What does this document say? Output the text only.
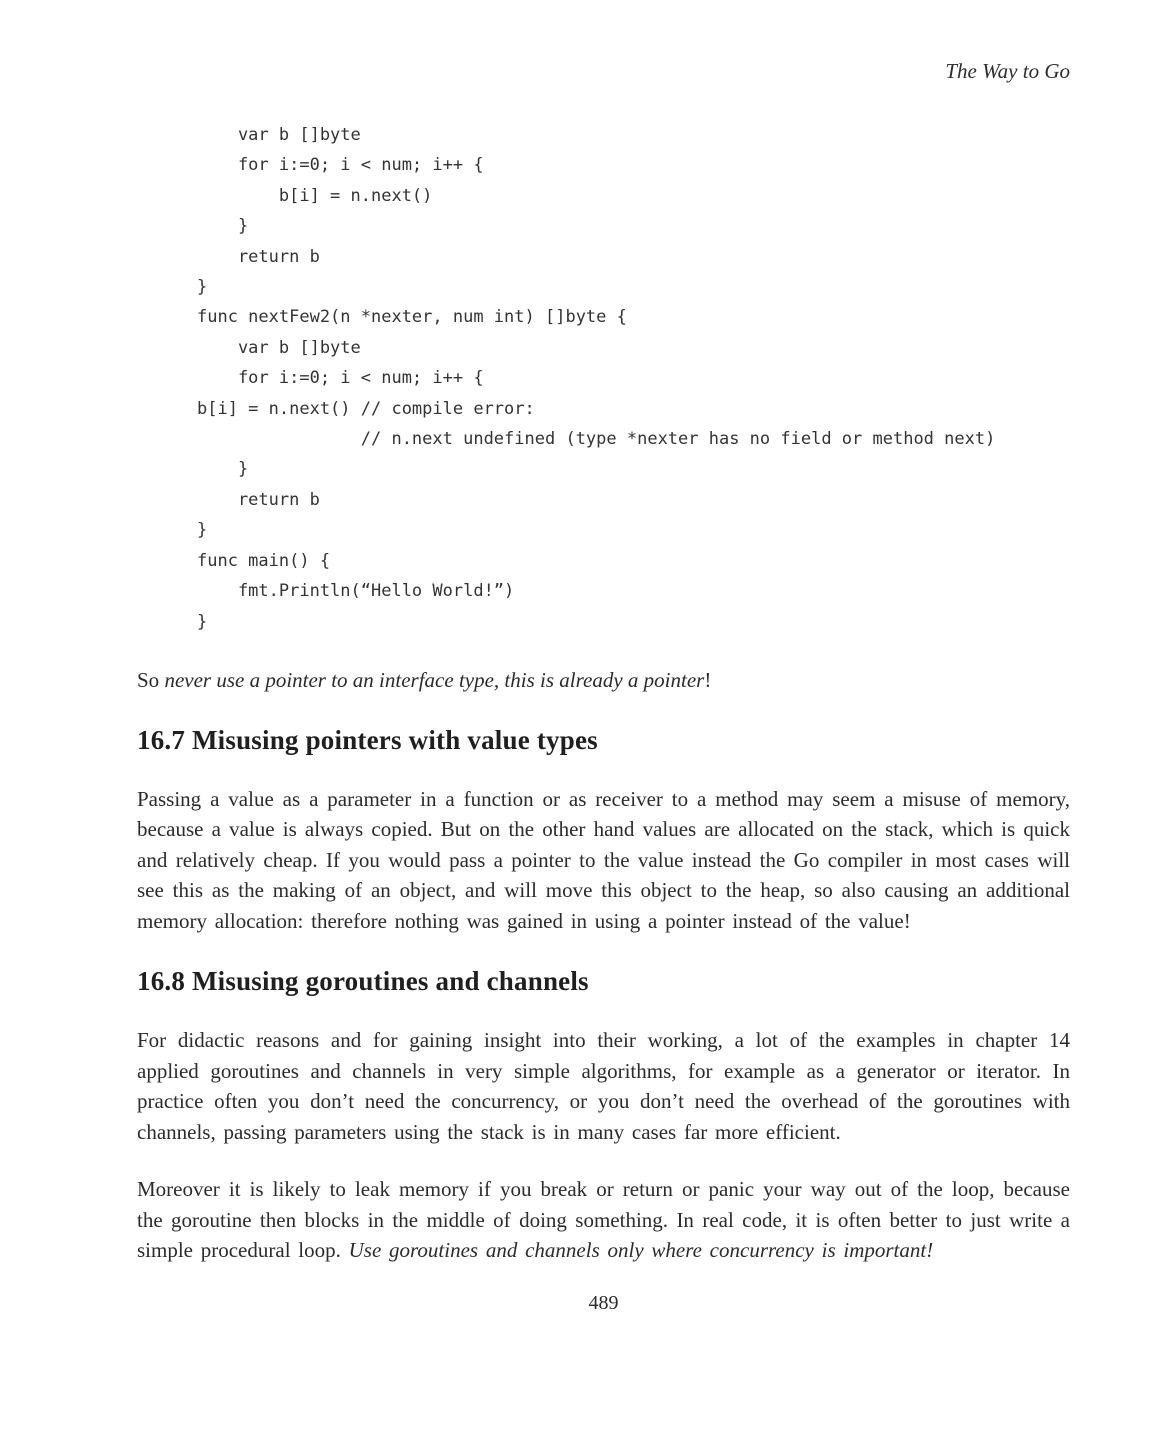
The Way to Go
var b []byte
for i:=0; i < num; i++ {
b[i] = n.next()
}
return b
}
func nextFew2(n *nexter, num int) []byte {
var b []byte
for i:=0; i < num; i++ {
b[i] = n.next() // compile error:
// n.next undefined (type *nexter has no field or method next)
}
return b
}
func main() {
fmt.Println(“Hello World!”)
}

So never use a pointer to an interface type, this is already a pointer!

16.7 Misusing pointers with value types

Passing a value as a parameter in a function or as receiver to a method may seem a misuse of memory, because a value is always copied. But on the other hand values are allocated on the stack, which is quick and relatively cheap. If you would pass a pointer to the value instead the Go compiler in most cases will see this as the making of an object, and will move this object to the heap, so also causing an additional memory allocation: therefore nothing was gained in using a pointer instead of the value!

16.8 Misusing goroutines and channels

For didactic reasons and for gaining insight into their working, a lot of the examples in chapter 14 applied goroutines and channels in very simple algorithms, for example as a generator or iterator. In practice often you don’t need the concurrency, or you don’t need the overhead of the goroutines with channels, passing parameters using the stack is in many cases far more efficient.

Moreover it is likely to leak memory if you break or return or panic your way out of the loop, because the goroutine then blocks in the middle of doing something. In real code, it is often better to just write a simple procedural loop. Use goroutines and channels only where concurrency is important!

489
